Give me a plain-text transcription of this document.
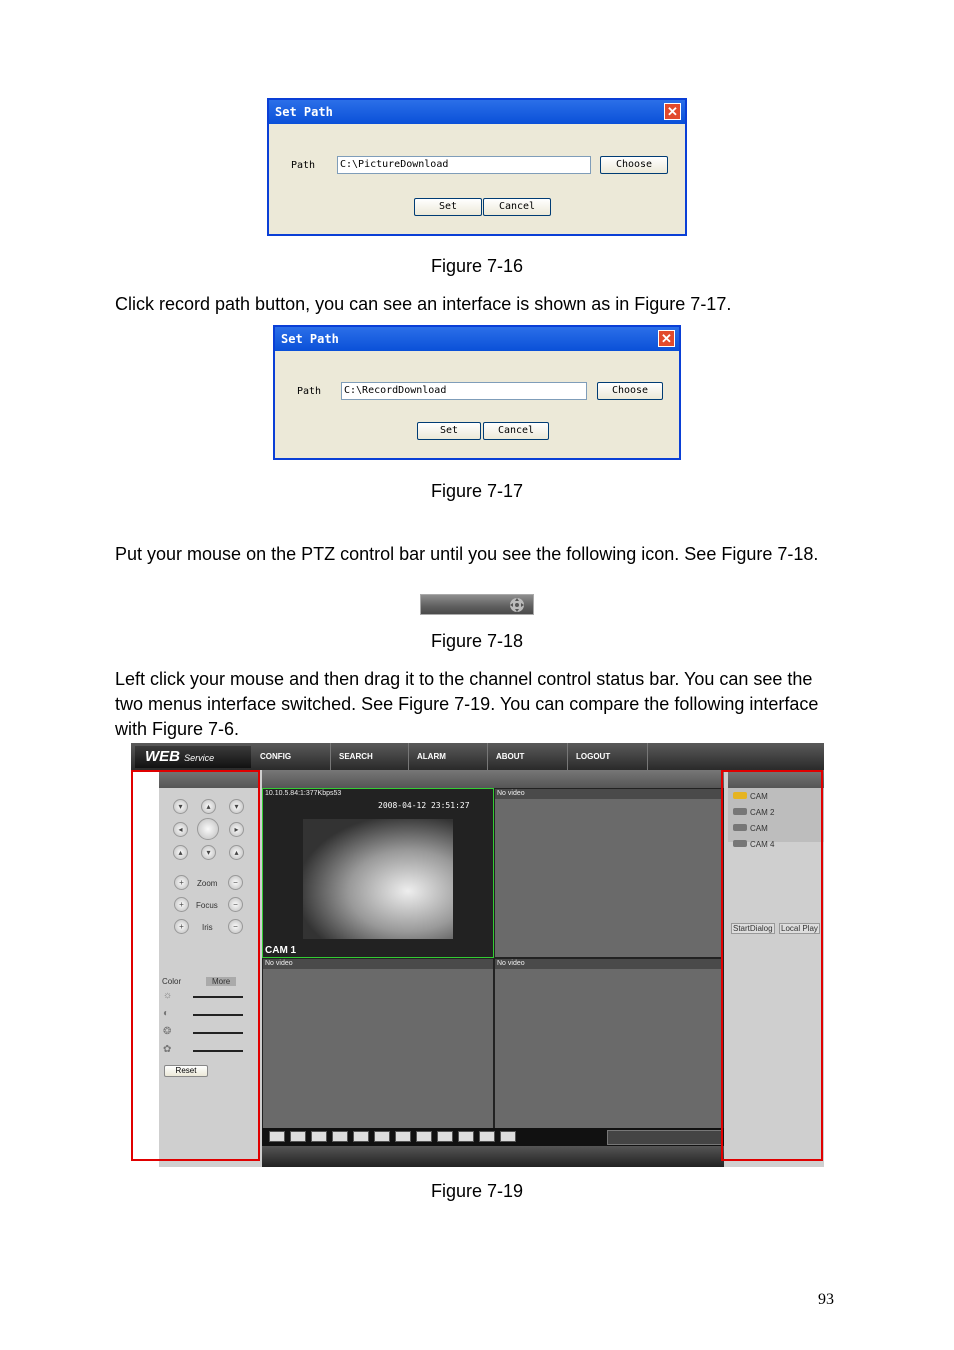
Set Path	✕
Path	C:\PictureDownload	Choose
Set	Cancel
Figure 7-16
Click record path button, you can see an interface is shown as in Figure 7-17.
Set Path	✕
Path	C:\RecordDownload	Choose
Set	Cancel
Figure 7-17
Put your mouse on the PTZ control bar until you see the following icon. See Figure 7-18.
Figure 7-18
Left click your mouse and then drag it to the channel control status bar. You can see the two menus interface switched. See Figure 7-19. You can compare the following interface with Figure 7-6.
WEB Service	CONFIG	SEARCH	ALARM	ABOUT	LOGOUT
▾	▴	▾
◂	▸
▴	▾	▴
+	Zoom	−
+	Focus	−
+	Iris	−
Color	More
☼
◐
❂
✿
Reset
10.10.5.84:1:377Kbps53
2008-04-12 23:51:27
CAM 1
No video
No video	No video
CAM
CAM 2
CAM
CAM 4
StartDialog Local Play
Figure 7-19
93
